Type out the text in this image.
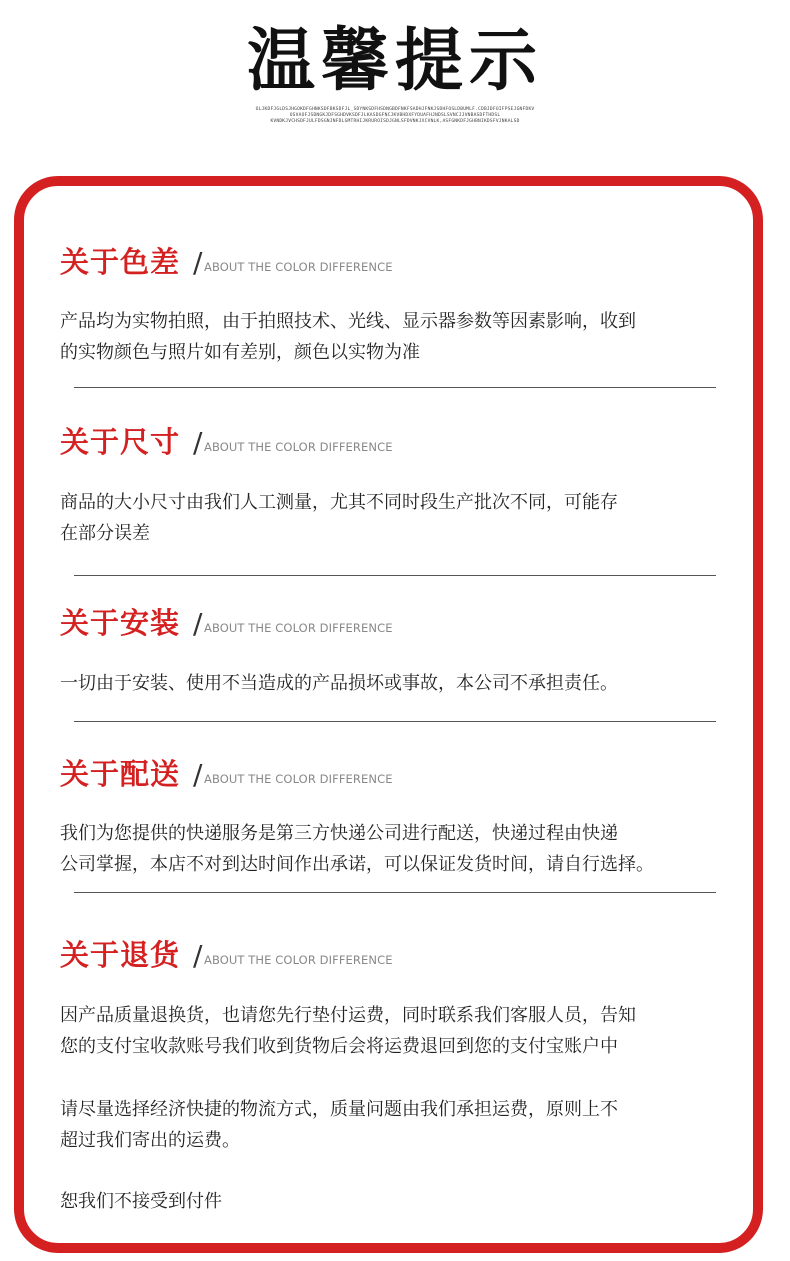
温馨提示
OLJKDFJGLDSJHGOKDFGHNKSDFBKSDFJL_SDYNKSDFHSDNGBDFNKFSADHJFNKJSDHFOSLDBUMLF.CDBJDFOIFPSEJGNFDKV
OSVAOFJSDNGKJDFSGHDVKSDFJLKASDGFNCJKVBHDXFYDUAFHJNDSLSVNCJJVNBASDFTHDSL
KVNDKJVCHSDFJULFDSGNJNFDLGMTRHIJKRUROISDJGNLSFDVNKJXCVNLK,ASFGNKDFJGHBNIKDSFVJNKALSD
关于色差 / ABOUT THE COLOR DIFFERENCE
产品均为实物拍照，由于拍照技术、光线、显示器参数等因素影响，收到
的实物颜色与照片如有差别，颜色以实物为准
关于尺寸 / ABOUT THE COLOR DIFFERENCE
商品的大小尺寸由我们人工测量，尤其不同时段生产批次不同，可能存
在部分误差
关于安装 / ABOUT THE COLOR DIFFERENCE
一切由于安装、使用不当造成的产品损坏或事故，本公司不承担责任。
关于配送 / ABOUT THE COLOR DIFFERENCE
我们为您提供的快递服务是第三方快递公司进行配送，快递过程由快递
公司掌握，本店不对到达时间作出承诺，可以保证发货时间，请自行选择。
关于退货 / ABOUT THE COLOR DIFFERENCE
因产品质量退换货，也请您先行垫付运费，同时联系我们客服人员，告知
您的支付宝收款账号我们收到货物后会将运费退回到您的支付宝账户中
请尽量选择经济快捷的物流方式，质量问题由我们承担运费，原则上不
超过我们寄出的运费。
恕我们不接受到付件
